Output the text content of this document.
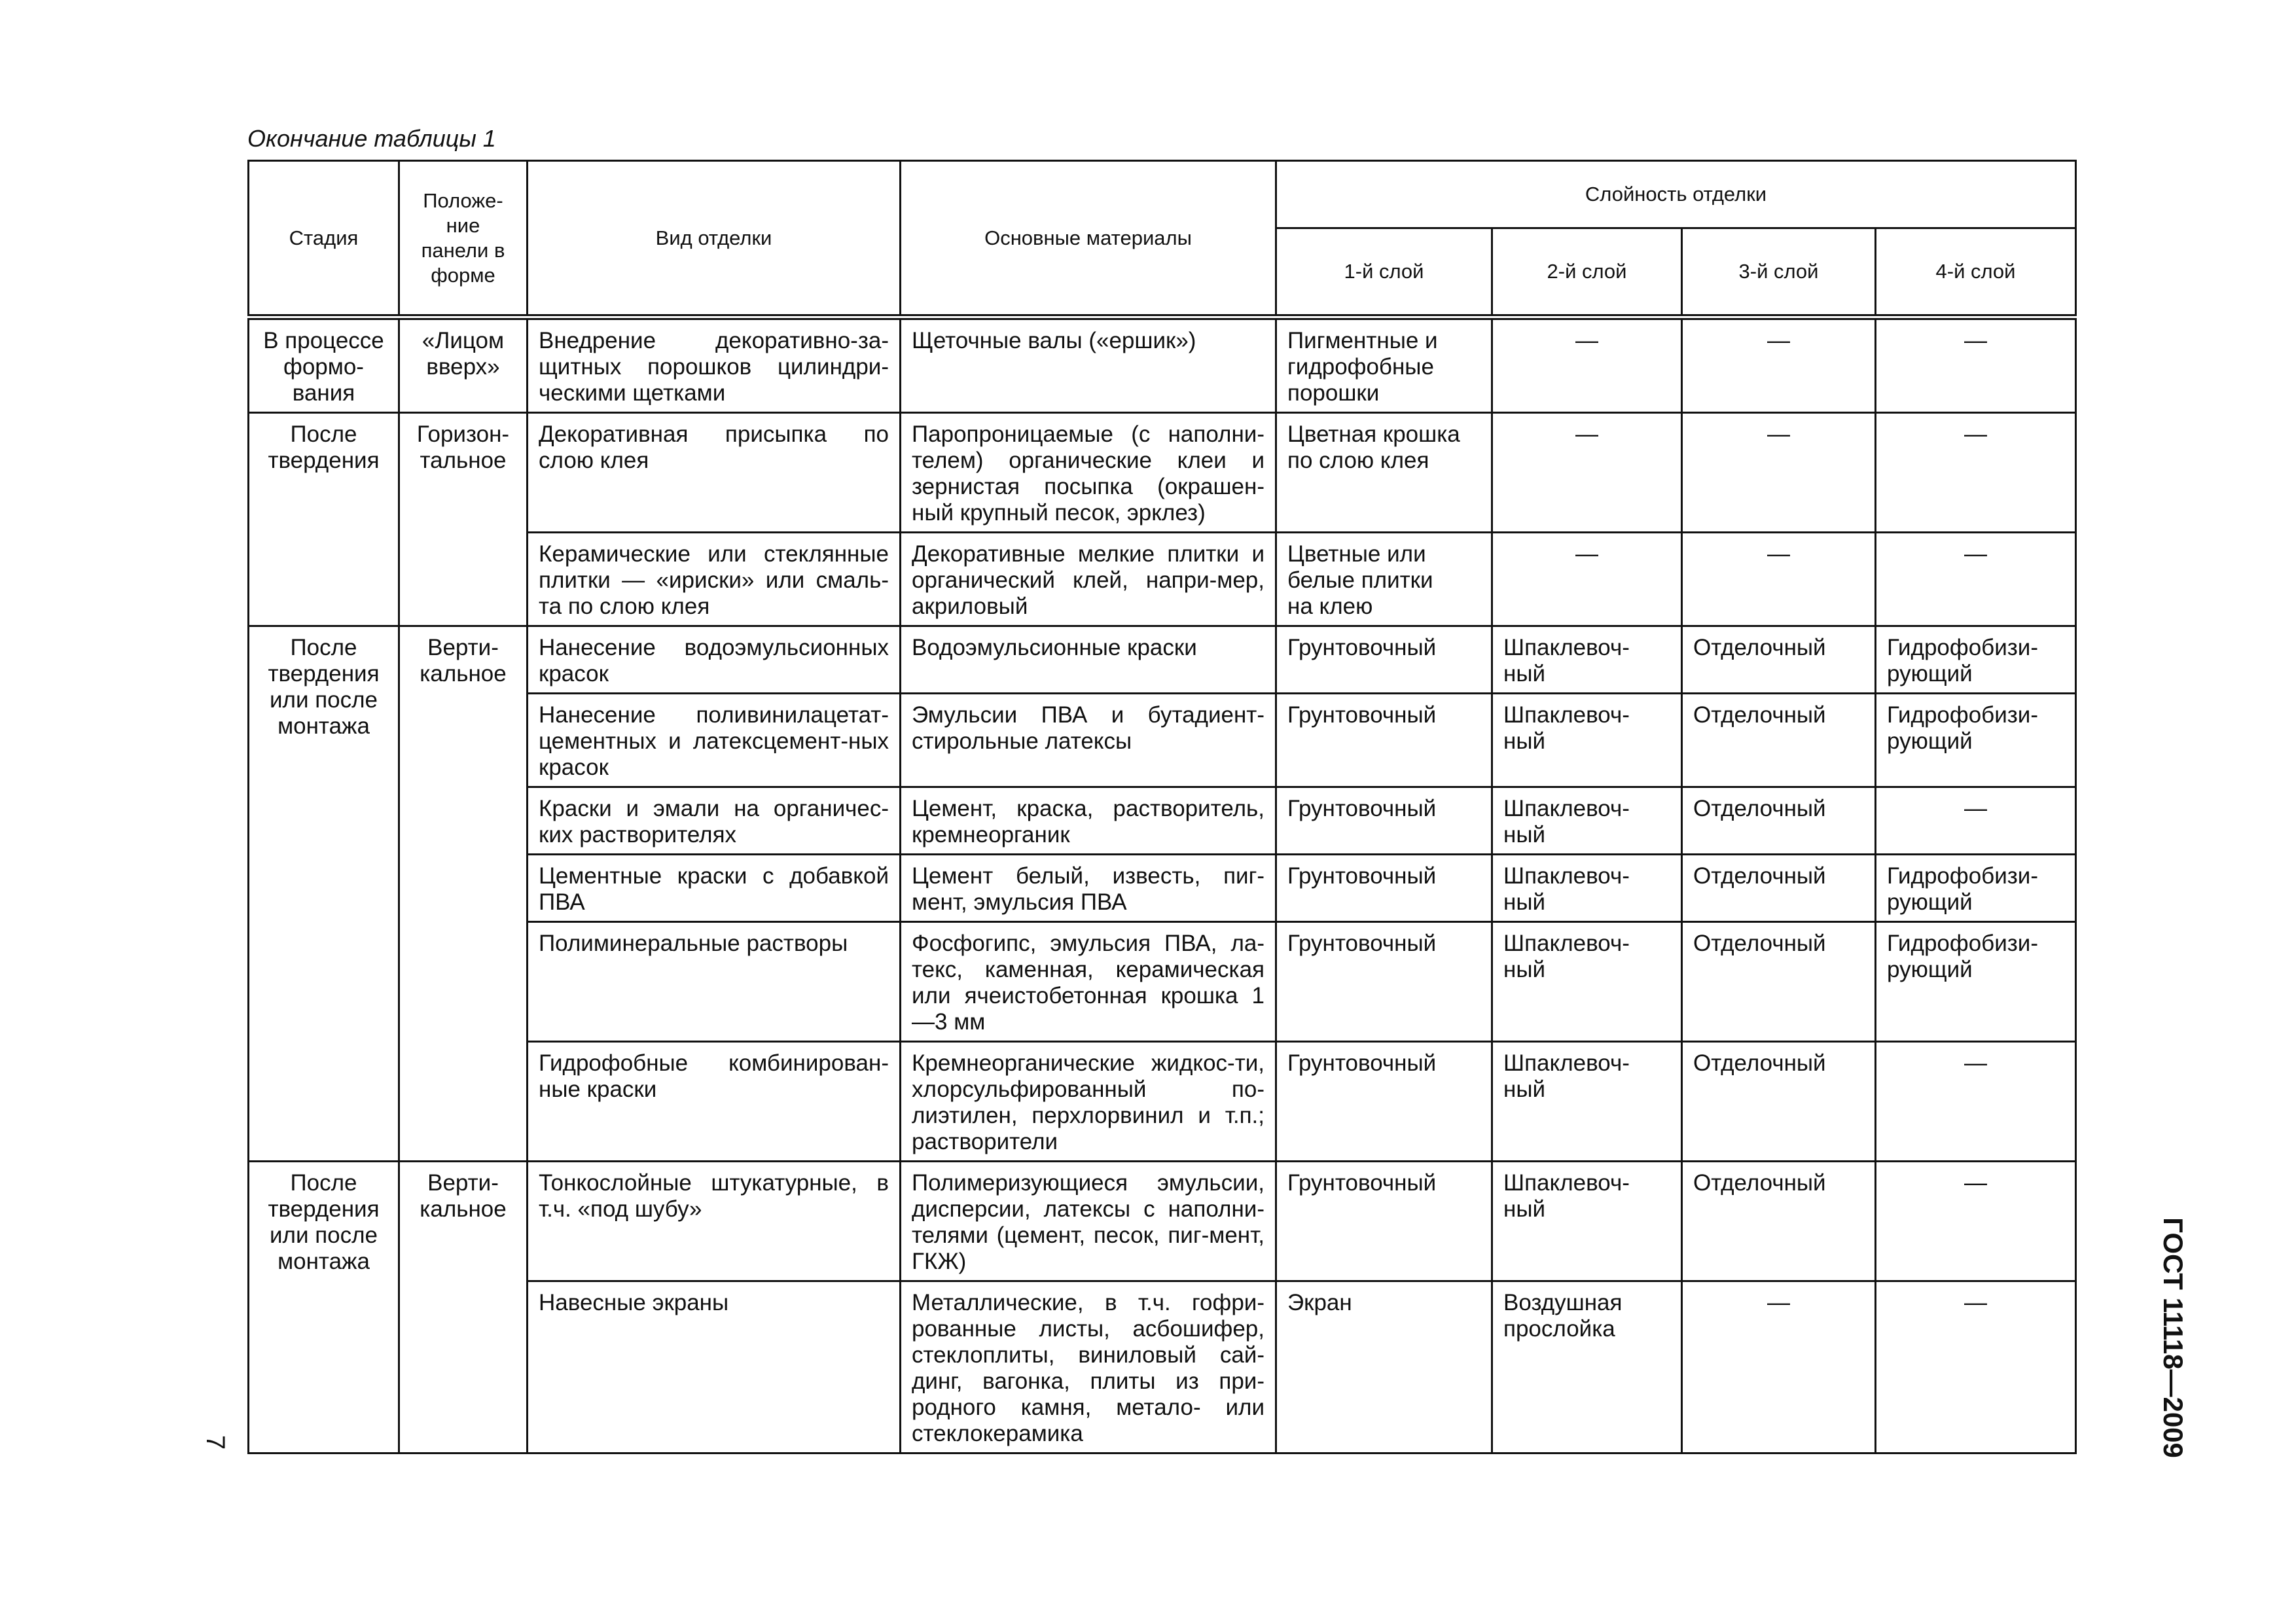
Окончание таблицы 1

Стадия	Положе-
ние
панели в
форме	Вид отделки	Основные материалы	Слойность отделки			
				1-й слой	2-й слой	3-й слой	4-й слой
В процессе
формо-
вания	«Лицом
вверх»	Внедрение декоративно-за-щитных порошков цилиндри-ческими щетками	Щеточные валы («ершик»)	Пигментные и
гидрофобные
порошки	—	—	—
После
твердения	Горизон-
тальное	Декоративная присыпка по слою клея	Паропроницаемые (с наполни-телем) органические клеи и зернистая посыпка (окрашен-ный крупный песок, эрклез)	Цветная крошка
по слою клея	—	—	—
		Керамические или стеклянные плитки — «ириски» или смаль-та по слою клея	Декоративные мелкие плитки и органический клей, напри-мер, акриловый	Цветные или
белые плитки
на клею	—	—	—
После
твердения
или после
монтажа	Верти-
кальное	Нанесение водоэмульсионных красок	Водоэмульсионные краски	Грунтовочный	Шпаклевоч-
ный	Отделочный	Гидрофобизи-
рующий
		Нанесение поливинилацетат-цементных и латексцемент-ных красок	Эмульсии ПВА и бутадиент-стирольные латексы	Грунтовочный	Шпаклевоч-
ный	Отделочный	Гидрофобизи-
рующий
		Краски и эмали на органичес-ких растворителях	Цемент, краска, растворитель, кремнеорганик	Грунтовочный	Шпаклевоч-
ный	Отделочный	—
		Цементные краски с добавкой ПВА	Цемент белый, известь, пиг-мент, эмульсия ПВА	Грунтовочный	Шпаклевоч-
ный	Отделочный	Гидрофобизи-
рующий
		Полиминеральные растворы	Фосфогипс, эмульсия ПВА, ла-текс, каменная, керамическая или ячеистобетонная крошка 1—3 мм	Грунтовочный	Шпаклевоч-
ный	Отделочный	Гидрофобизи-
рующий
		Гидрофобные комбинирован-ные краски	Кремнеорганические жидкос-ти, хлорсульфированный по-лиэтилен, перхлорвинил и т.п.; растворители	Грунтовочный	Шпаклевоч-
ный	Отделочный	—
После
твердения
или после
монтажа	Верти-
кальное	Тонкослойные штукатурные, в т.ч. «под шубу»	Полимеризующиеся эмульсии, дисперсии, латексы с наполни-телями (цемент, песок, пиг-мент, ГКЖ)	Грунтовочный	Шпаклевоч-
ный	Отделочный	—
		Навесные экраны	Металлические, в т.ч. гофри-рованные листы, асбошифер, стеклоплиты, виниловый сай-динг, вагонка, плиты из при-родного камня, метало- или стеклокерамика	Экран	Воздушная
прослойка	—	—
7	ГОСТ 11118—2009
